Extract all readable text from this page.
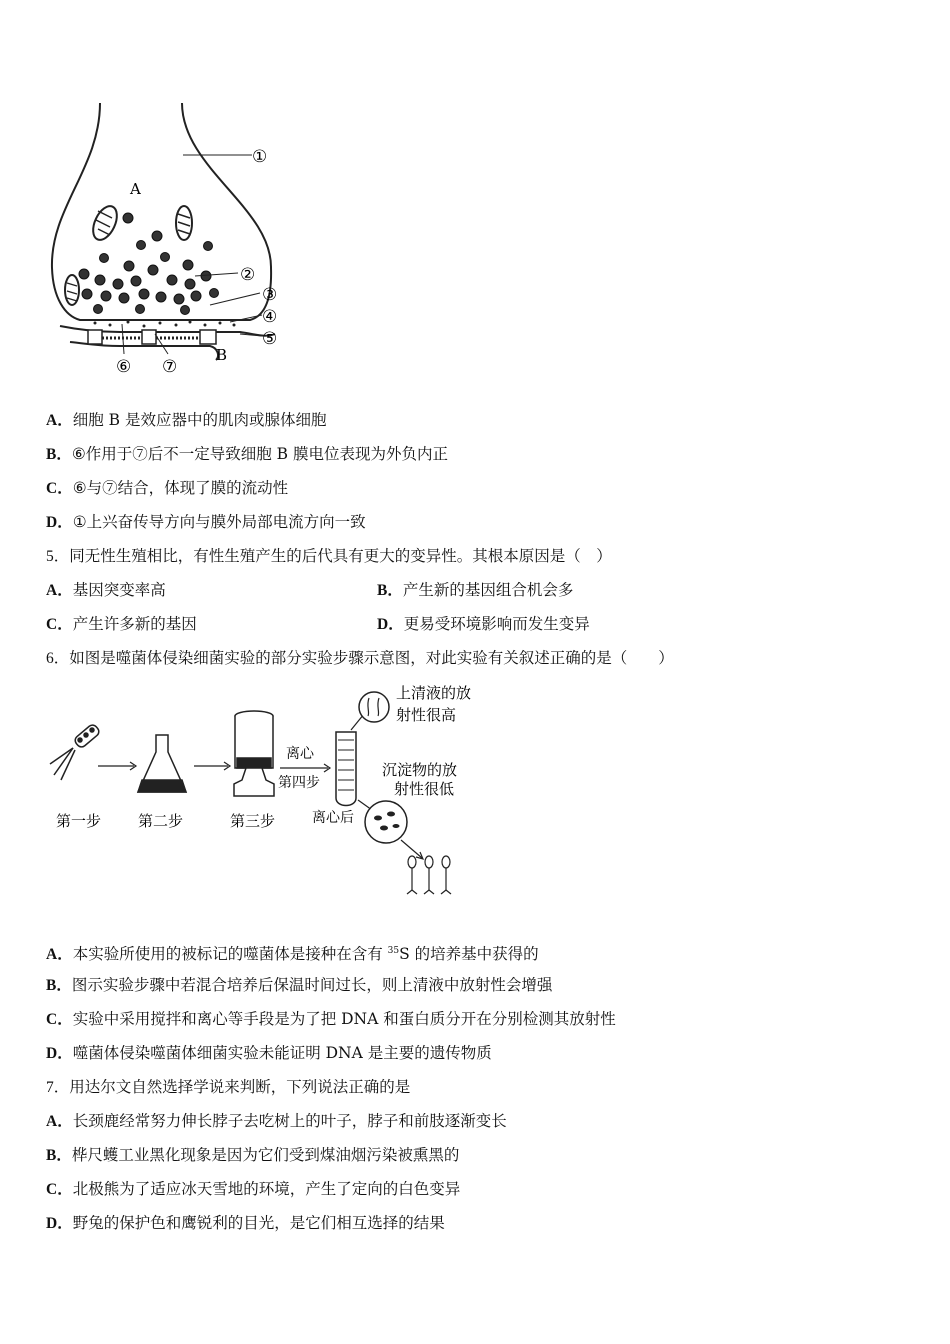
A
B
①
②
③
④
⑤
⑥ ⑦
A．细胞 B 是效应器中的肌肉或腺体细胞
B．⑥作用于⑦后不一定导致细胞 B 膜电位表现为外负内正
C．⑥与⑦结合，体现了膜的流动性
D．①上兴奋传导方向与膜外局部电流方向一致
5．同无性生殖相比，有性生殖产生的后代具有更大的变异性。其根本原因是（　）
A．基因突变率高	B．产生新的基因组合机会多
C．产生许多新的基因	D．更易受环境影响而发生变异
6．如图是噬菌体侵染细菌实验的部分实验步骤示意图，对此实验有关叙述正确的是（　　）
离心
第四步
离心后
上清液的放
射性很高
沉淀物的放
射性很低
第一步 第二步	第三步
A．本实验所使用的被标记的噬菌体是接种在含有 $^{35}$S 的培养基中获得的
B．图示实验步骤中若混合培养后保温时间过长，则上清液中放射性会增强
C．实验中采用搅拌和离心等手段是为了把 DNA 和蛋白质分开在分别检测其放射性
D．噬菌体侵染噬菌体细菌实验未能证明 DNA 是主要的遗传物质
7．用达尔文自然选择学说来判断，下列说法正确的是
A．长颈鹿经常努力伸长脖子去吃树上的叶子，脖子和前肢逐渐变长
B．桦尺蠖工业黑化现象是因为它们受到煤油烟污染被熏黑的
C．北极熊为了适应冰天雪地的环境，产生了定向的白色变异
D．野兔的保护色和鹰锐利的目光，是它们相互选择的结果
